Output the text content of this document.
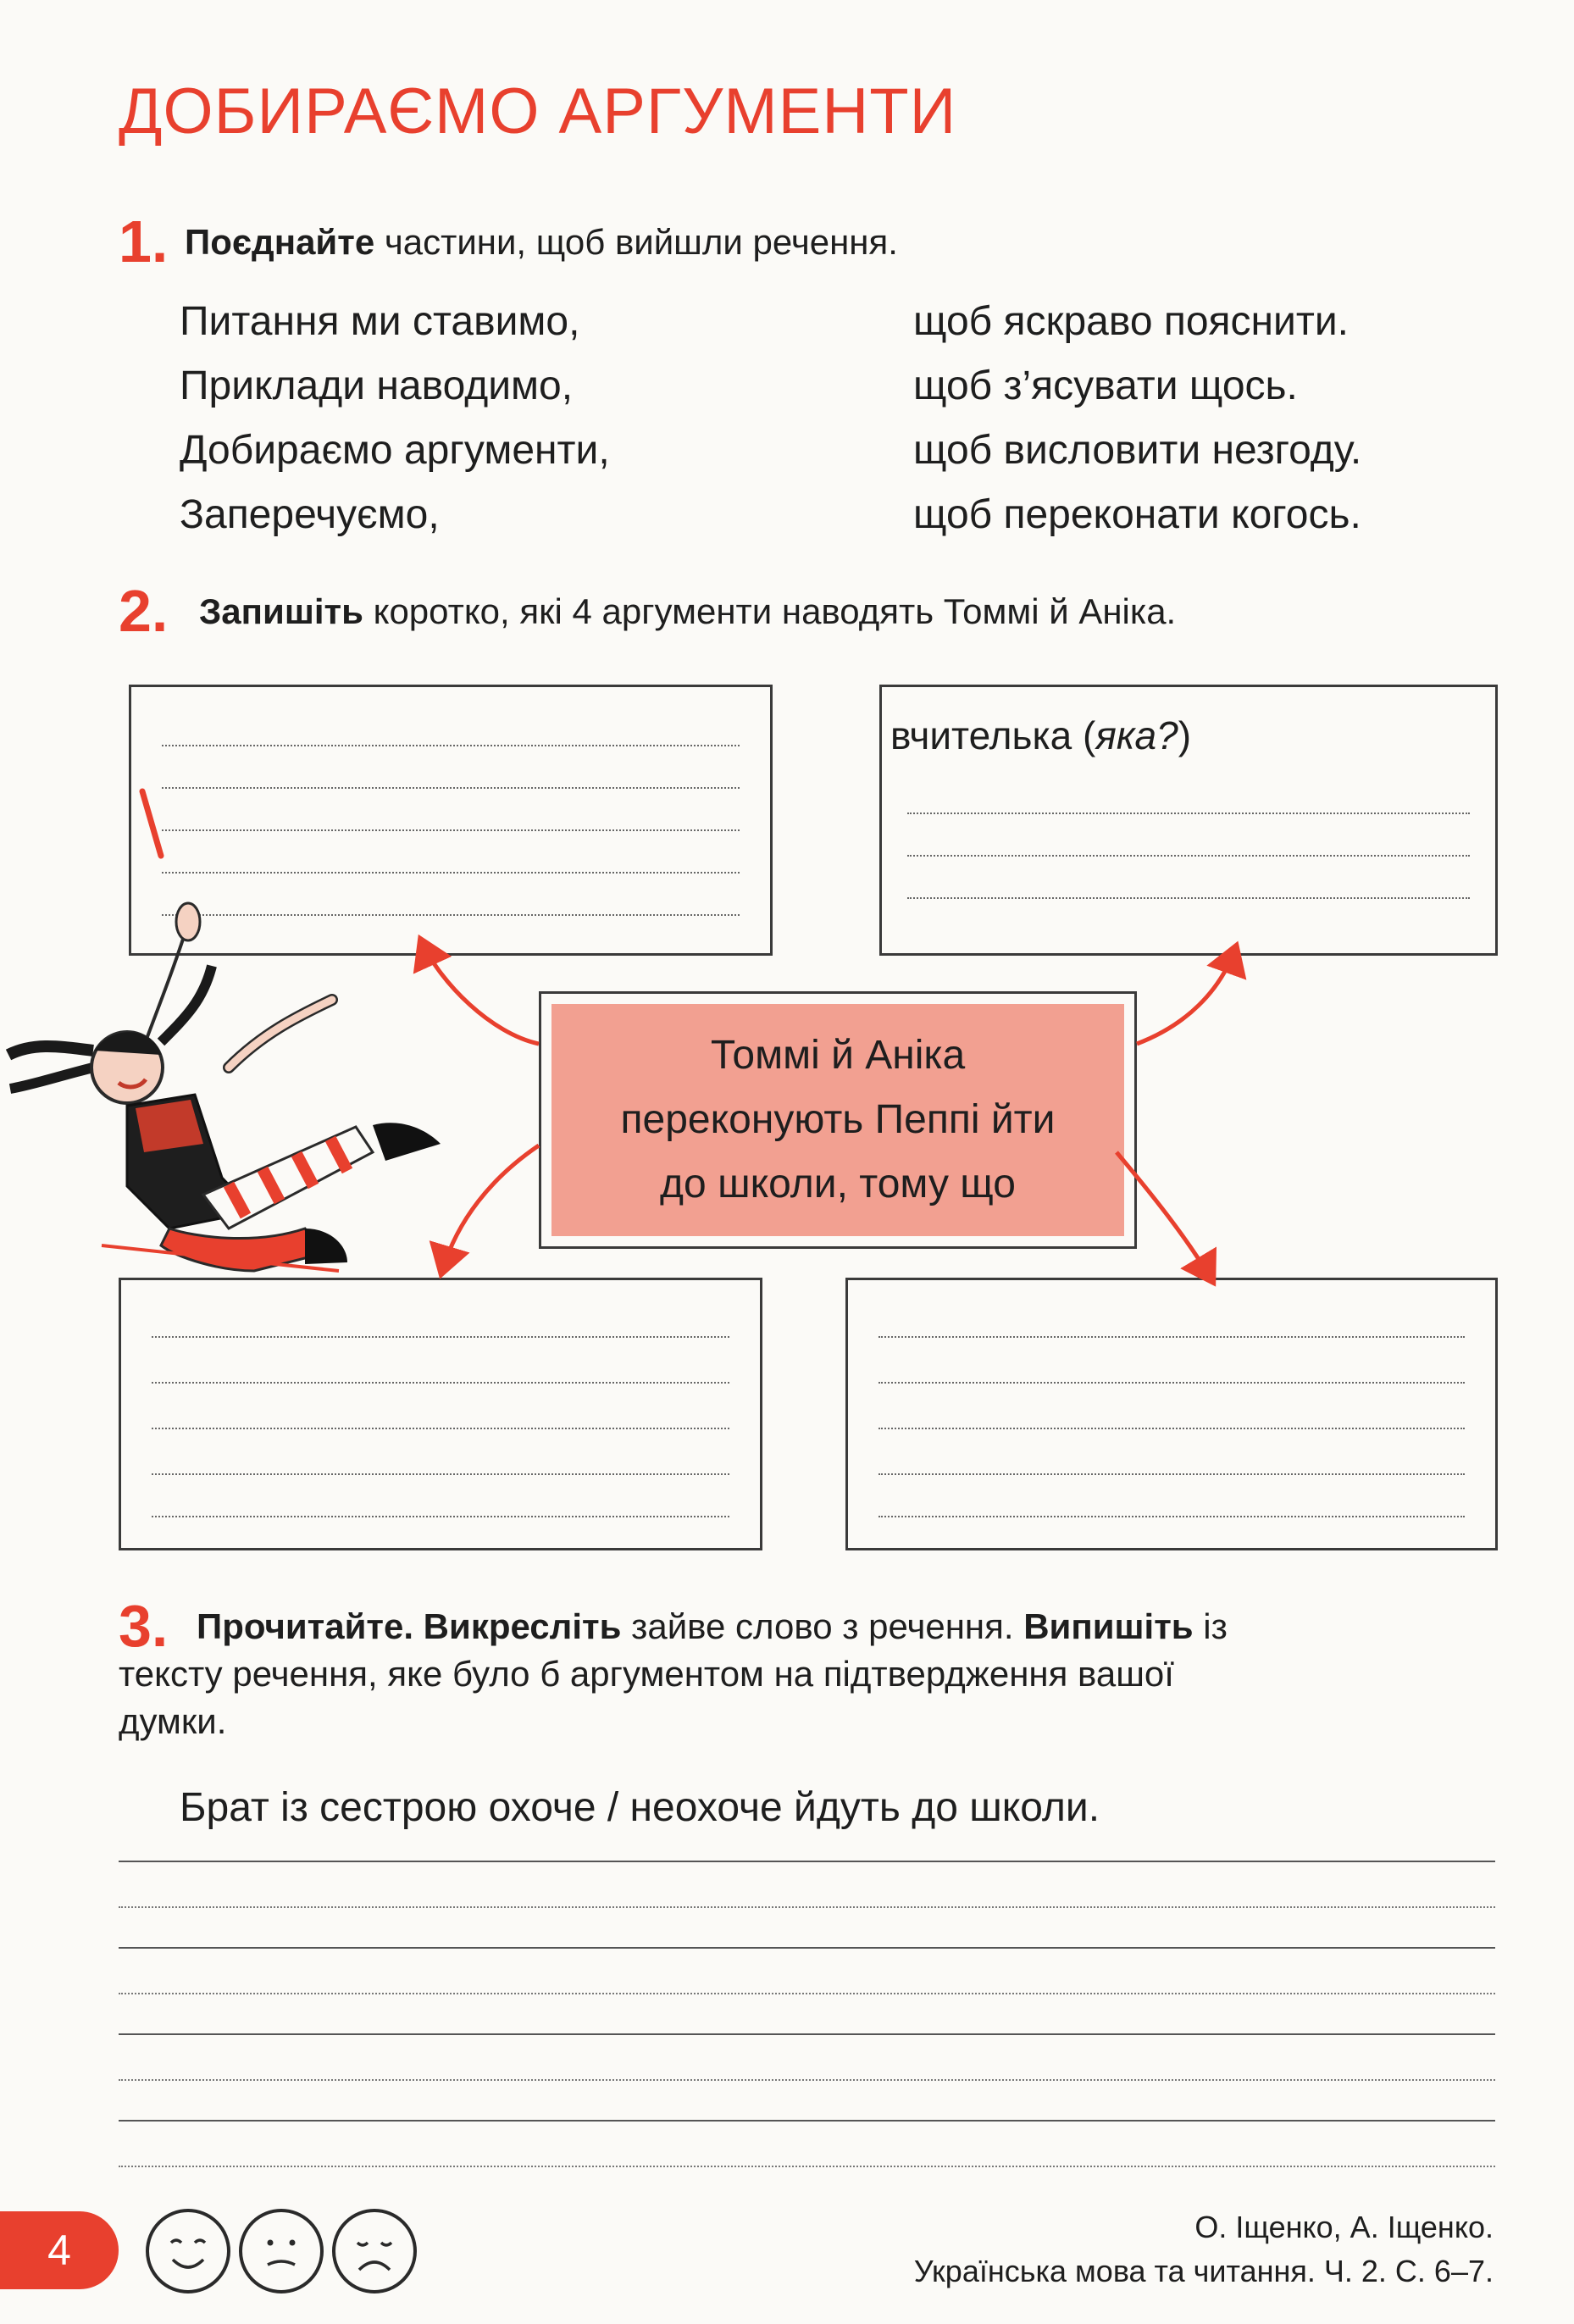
ДОБИРАЄМО АРГУМЕНТИ
1. Поєднайте частини, щоб вийшли речення.
Питання ми ставимо,
Приклади наводимо,
Добираємо аргументи,
Заперечуємо,
щоб яскраво пояснити.
щоб з’ясувати щось.
щоб висловити незгоду.
щоб переконати когось.
2. Запишіть коротко, які 4 аргументи наводять Томмі й Аніка.
вчителька (яка?)
Томмі й Аніка
переконують Пеппі йти
до школи, тому що
3. Прочитайте. Викресліть зайве слово з речення. Випишіть із
тексту речення, яке було б аргументом на підтвердження вашої
думки.
Брат із сестрою охоче / неохоче йдуть до школи.
4	О. Іщенко, А. Іщенко.
Українська мова та читання. Ч. 2. С. 6–7.
